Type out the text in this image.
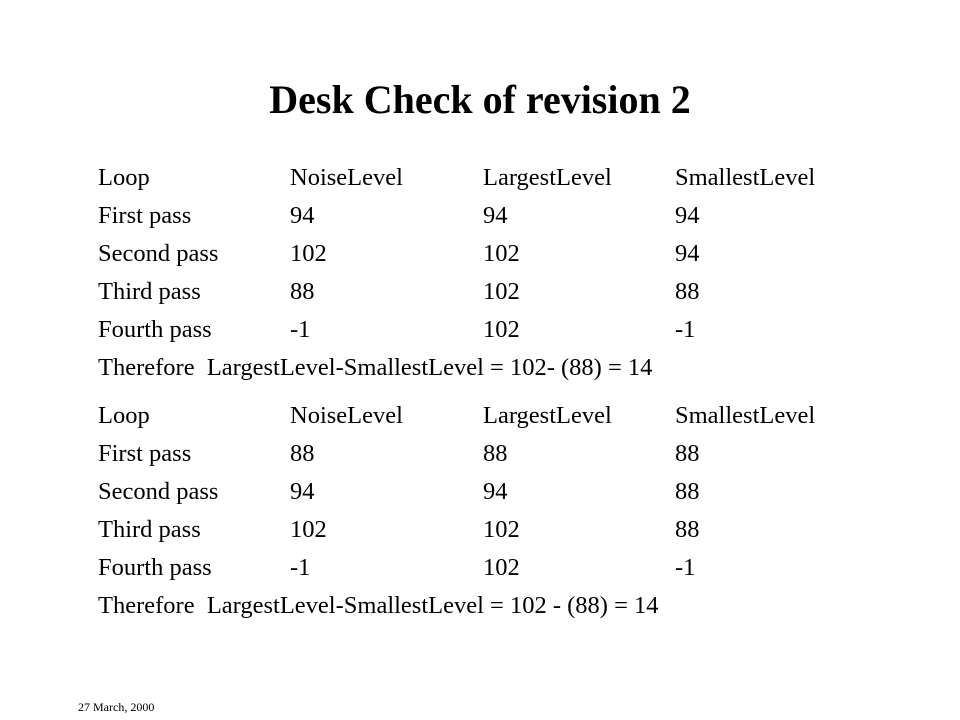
Desk Check of revision 2
Loop	NoiseLevel	LargestLevel	SmallestLevel
First pass	94	94	94
Second pass	102	102	94
Third pass	88	102	88
Fourth pass	-1	102	-1
Therefore  LargestLevel-SmallestLevel = 102- (88) = 14
Loop	NoiseLevel	LargestLevel	SmallestLevel
First pass	88	88	88
Second pass	94	94	88
Third pass	102	102	88
Fourth pass	-1	102	-1
Therefore  LargestLevel-SmallestLevel = 102 - (88) = 14
27 March, 2000
